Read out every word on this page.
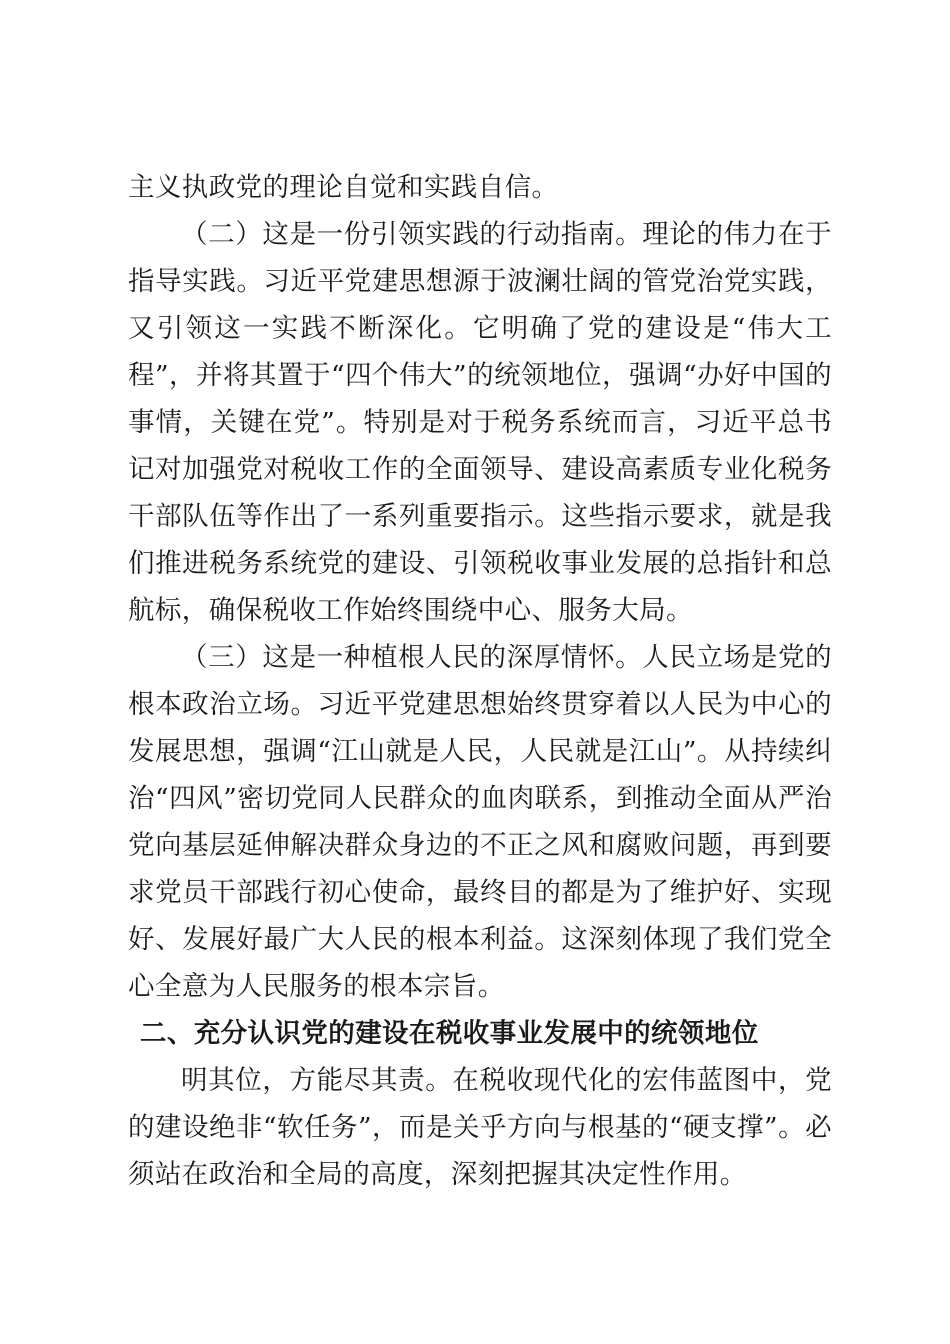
主义执政党的理论自觉和实践自信。

（二）这是一份引领实践的行动指南。理论的伟力在于指导实践。习近平党建思想源于波澜壮阔的管党治党实践，又引领这一实践不断深化。它明确了党的建设是“伟大工程”，并将其置于“四个伟大”的统领地位，强调“办好中国的事情，关键在党”。特别是对于税务系统而言，习近平总书记对加强党对税收工作的全面领导、建设高素质专业化税务干部队伍等作出了一系列重要指示。这些指示要求，就是我们推进税务系统党的建设、引领税收事业发展的总指针和总航标，确保税收工作始终围绕中心、服务大局。

（三）这是一种植根人民的深厚情怀。人民立场是党的根本政治立场。习近平党建思想始终贯穿着以人民为中心的发展思想，强调“江山就是人民，人民就是江山”。从持续纠治“四风”密切党同人民群众的血肉联系，到推动全面从严治党向基层延伸解决群众身边的不正之风和腐败问题，再到要求党员干部践行初心使命，最终目的都是为了维护好、实现好、发展好最广大人民的根本利益。这深刻体现了我们党全心全意为人民服务的根本宗旨。

二、充分认识党的建设在税收事业发展中的统领地位

明其位，方能尽其责。在税收现代化的宏伟蓝图中，党的建设绝非“软任务”，而是关乎方向与根基的“硬支撑”。必须站在政治和全局的高度，深刻把握其决定性作用。
